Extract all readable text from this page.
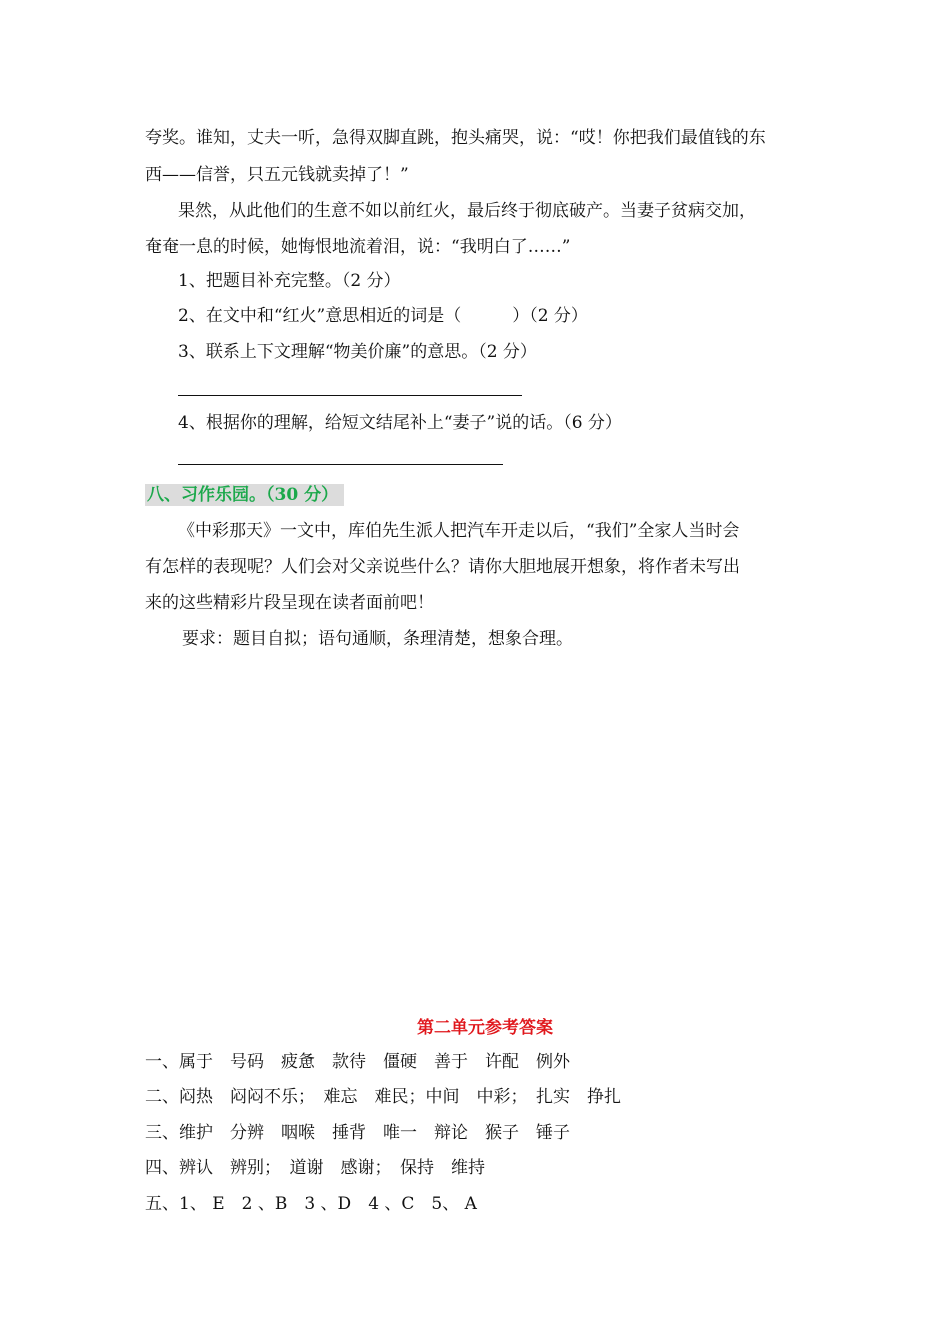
夸奖。谁知，丈夫一听，急得双脚直跳，抱头痛哭，说：“哎！你把我们最值钱的东
西——信誉，只五元钱就卖掉了！”
果然，从此他们的生意不如以前红火，最后终于彻底破产。当妻子贫病交加，
奄奄一息的时候，她悔恨地流着泪，说：“我明白了……”
1、把题目补充完整。（2 分）
2、在文中和“红火”意思相近的词是（　　　）（2 分）
3、联系上下文理解“物美价廉”的意思。（2 分）
4、根据你的理解，给短文结尾补上“妻子”说的话。（6 分）
八、习作乐园。（30 分）
《中彩那天》一文中，库伯先生派人把汽车开走以后，“我们”全家人当时会
有怎样的表现呢？人们会对父亲说些什么？请你大胆地展开想象，将作者未写出
来的这些精彩片段呈现在读者面前吧！
要求：题目自拟；语句通顺，条理清楚，想象合理。
第二单元参考答案
一、属于　号码　疲惫　款待　僵硬　善于　许配　例外
二、闷热　闷闷不乐；　难忘　难民；中间　中彩；　扎实　挣扎
三、维护　分辨　咽喉　捶背　唯一　辩论　猴子　锤子
四、辨认　辨别；　道谢　感谢；　保持　维持
五、1、 E　2 、B　3 、D　4 、C　5、 A
